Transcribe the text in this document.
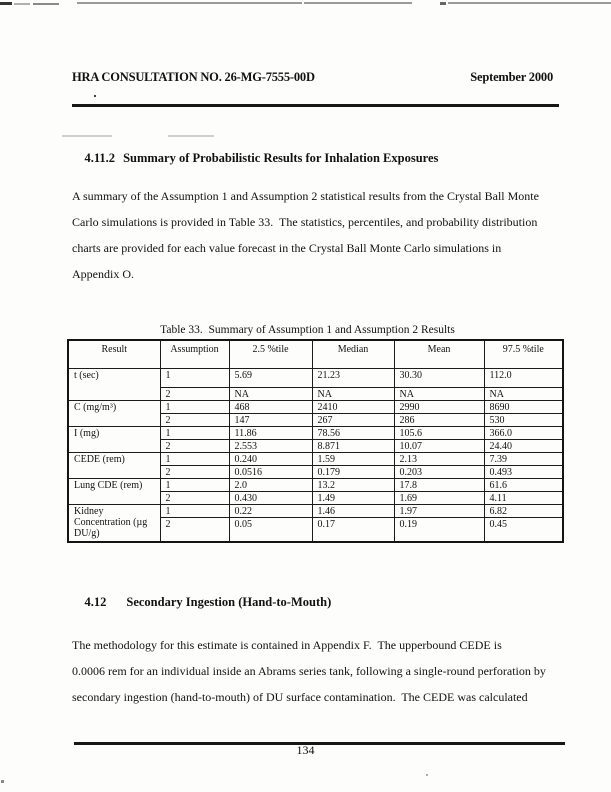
HRA CONSULTATION NO. 26-MG-7555-00D	September 2000

4.11.2 Summary of Probabilistic Results for Inhalation Exposures

A summary of the Assumption 1 and Assumption 2 statistical results from the Crystal Ball Monte
Carlo simulations is provided in Table 33.  The statistics, percentiles, and probability distribution
charts are provided for each value forecast in the Crystal Ball Monte Carlo simulations in
Appendix O.
Table 33.  Summary of Assumption 1 and Assumption 2 Results
Result	Assumption	2.5 %tile	Median	Mean	97.5 %tile
t (sec)	1	5.69	21.23	30.30	112.0
	2	NA	NA	NA	NA
C (mg/m³)	1	468	2410	2990	8690
	2	147	267	286	530
I (mg)	1	11.86	78.56	105.6	366.0
	2	2.553	8.871	10.07	24.40
CEDE (rem)	1	0.240	1.59	2.13	7.39
	2	0.0516	0.179	0.203	0.493
Lung CDE (rem)	1	2.0	13.2	17.8	61.6
	2	0.430	1.49	1.69	4.11
Kidney Concentration (µg DU/g)	1	0.22	1.46	1.97	6.82
	2	0.05	0.17	0.19	0.45

4.12 Secondary Ingestion (Hand-to-Mouth)

The methodology for this estimate is contained in Appendix F.  The upperbound CEDE is
0.0006 rem for an individual inside an Abrams series tank, following a single-round perforation by
secondary ingestion (hand-to-mouth) of DU surface contamination.  The CEDE was calculated
134
